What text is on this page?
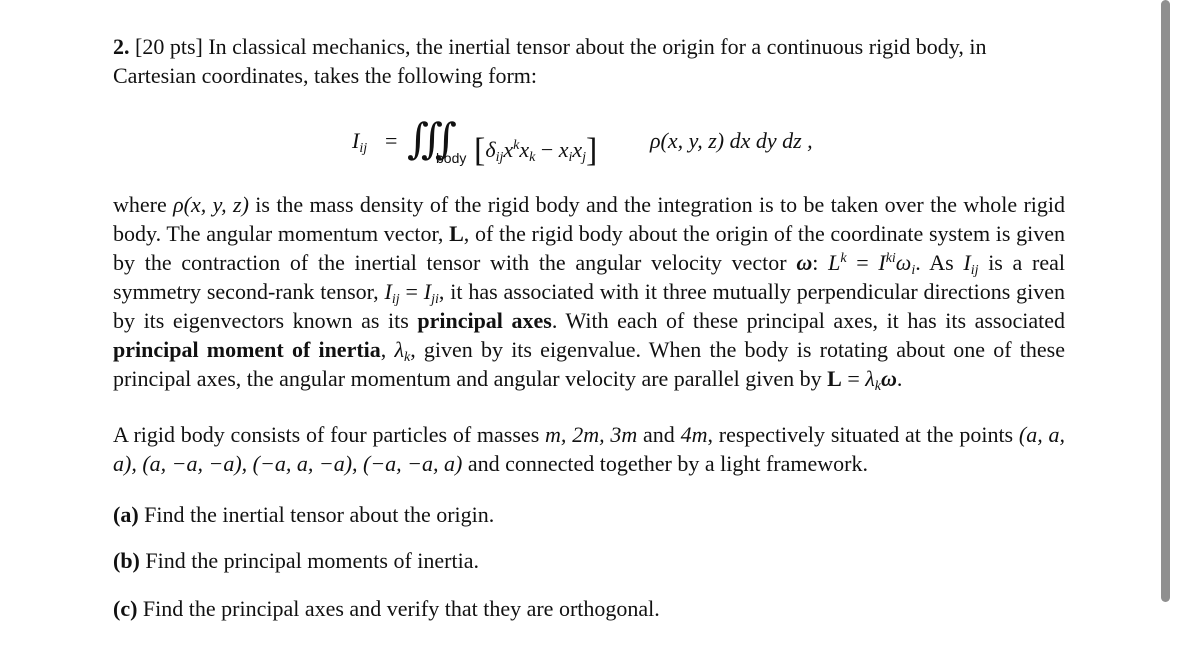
2. [20 pts] In classical mechanics, the inertial tensor about the origin for a continuous rigid body, in Cartesian coordinates, takes the following form:
$I_{ij}$ = ∭
body $[\delta_{ij}x^kx_k - x_ix_j]$ ρ(x, y, z) dx dy dz ,
where ρ(x, y, z) is the mass density of the rigid body and the integration is to be taken over the whole rigid body. The angular momentum vector, L, of the rigid body about the origin of the coordinate system is given by the contraction of the inertial tensor with the angular velocity vector ω: $L^k = I^{ki}\omega_i$. As $I_{ij}$ is a real symmetry second-rank tensor, $I_{ij} = I_{ji}$, it has associated with it three mutually perpendicular directions given by its eigenvectors known as its principal axes. With each of these principal axes, it has its associated principal moment of inertia, $\lambda_k$, given by its eigenvalue. When the body is rotating about one of these principal axes, the angular momentum and angular velocity are parallel given by $L = \lambda_k\omega$.
A rigid body consists of four particles of masses m, 2m, 3m and 4m, respectively situated at the points (a, a, a), (a, −a, −a), (−a, a, −a), (−a, −a, a) and connected together by a light framework.
(a) Find the inertial tensor about the origin.
(b) Find the principal moments of inertia.
(c) Find the principal axes and verify that they are orthogonal.
